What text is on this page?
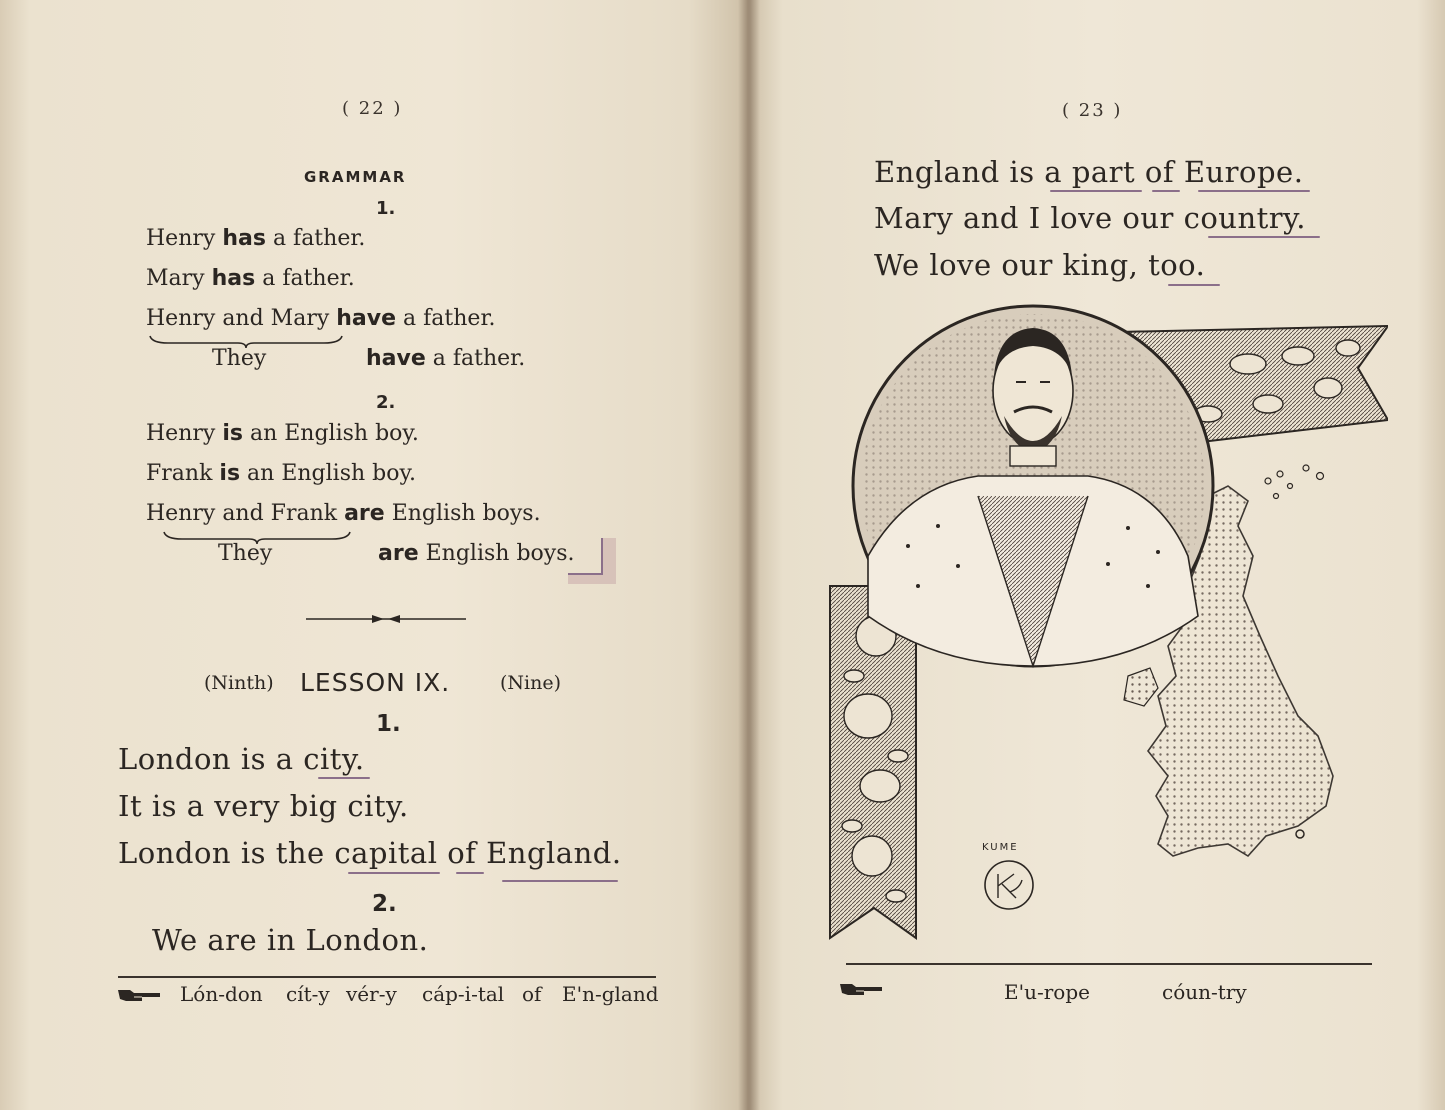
( 22 )
GRAMMAR
1.
Henry has a father.
Mary has a father.
Henry and Mary have a father.
They	have a father.
2.
Henry is an English boy.
Frank is an English boy.
Henry and Frank are English boys.
They	are English boys.
(Ninth) LESSON IX.	(Nine)
1.
London is a city.
It is a very big city.
London is the capital of England.
2.
We are in London.
Lón-don cít-y vér-y cáp-i-tal of E'n-gland
( 23 )
England is a part of Europe.
Mary and I love our country.
We love our king, too.
KUME
E'u-rope	cóun-try
